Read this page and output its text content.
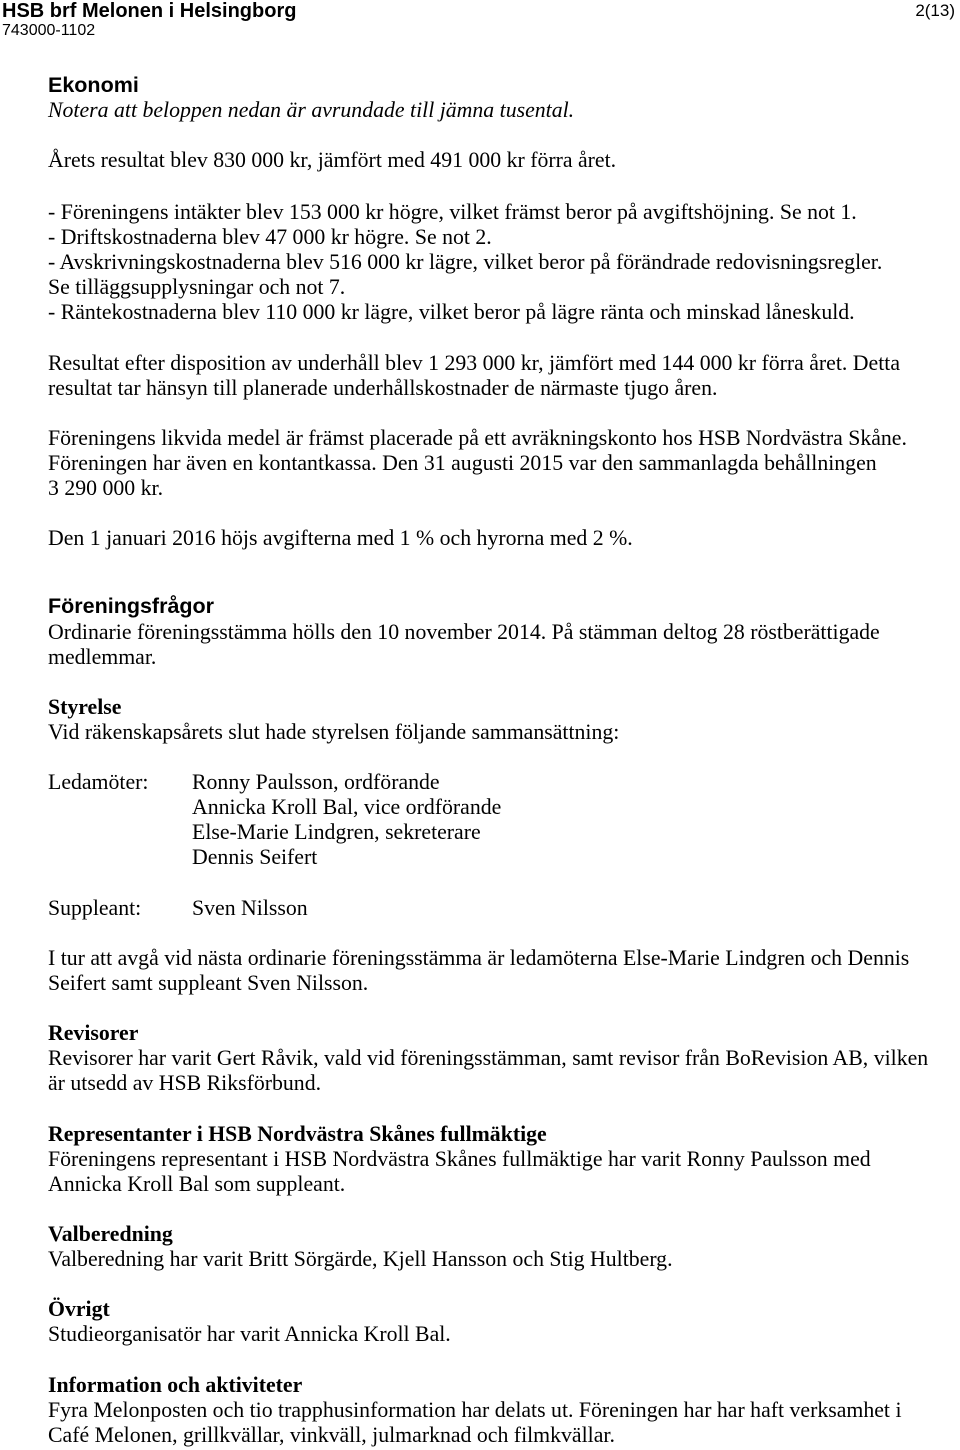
HSB brf Melonen i Helsingborg
743000-1102
2(13)
Ekonomi
Notera att beloppen nedan är avrundade till jämna tusental.
Årets resultat blev 830 000 kr, jämfört med 491 000 kr förra året.
- Föreningens intäkter blev 153 000 kr högre, vilket främst beror på avgiftshöjning. Se not 1.
- Driftskostnaderna blev 47 000 kr högre. Se not 2.
- Avskrivningskostnaderna blev 516 000 kr lägre, vilket beror på förändrade redovisningsregler.
Se tilläggsupplysningar och not 7.
- Räntekostnaderna blev 110 000 kr lägre, vilket beror på lägre ränta och minskad låneskuld.
Resultat efter disposition av underhåll blev 1 293 000 kr, jämfört med 144 000 kr förra året. Detta
resultat tar hänsyn till planerade underhållskostnader de närmaste tjugo åren.
Föreningens likvida medel är främst placerade på ett avräkningskonto hos HSB Nordvästra Skåne.
Föreningen har även en kontantkassa. Den 31 augusti 2015 var den sammanlagda behållningen
3 290 000 kr.
Den 1 januari 2016 höjs avgifterna med 1 % och hyrorna med 2 %.
Föreningsfrågor
Ordinarie föreningsstämma hölls den 10 november 2014. På stämman deltog 28 röstberättigade
medlemmar.
Styrelse
Vid räkenskapsårets slut hade styrelsen följande sammansättning:
Ledamöter: Ronny Paulsson, ordförande
Annicka Kroll Bal, vice ordförande
Else-Marie Lindgren, sekreterare
Dennis Seifert
Suppleant: Sven Nilsson
I tur att avgå vid nästa ordinarie föreningsstämma är ledamöterna Else-Marie Lindgren och Dennis
Seifert samt suppleant Sven Nilsson.
Revisorer
Revisorer har varit Gert Råvik, vald vid föreningsstämman, samt revisor från BoRevision AB, vilken
är utsedd av HSB Riksförbund.
Representanter i HSB Nordvästra Skånes fullmäktige
Föreningens representant i HSB Nordvästra Skånes fullmäktige har varit Ronny Paulsson med
Annicka Kroll Bal som suppleant.
Valberedning
Valberedning har varit Britt Sörgärde, Kjell Hansson och Stig Hultberg.
Övrigt
Studieorganisatör har varit Annicka Kroll Bal.
Information och aktiviteter
Fyra Melonposten och tio trapphusinformation har delats ut. Föreningen har har haft verksamhet i
Café Melonen, grillkvällar, vinkväll, julmarknad och filmkvällar.
